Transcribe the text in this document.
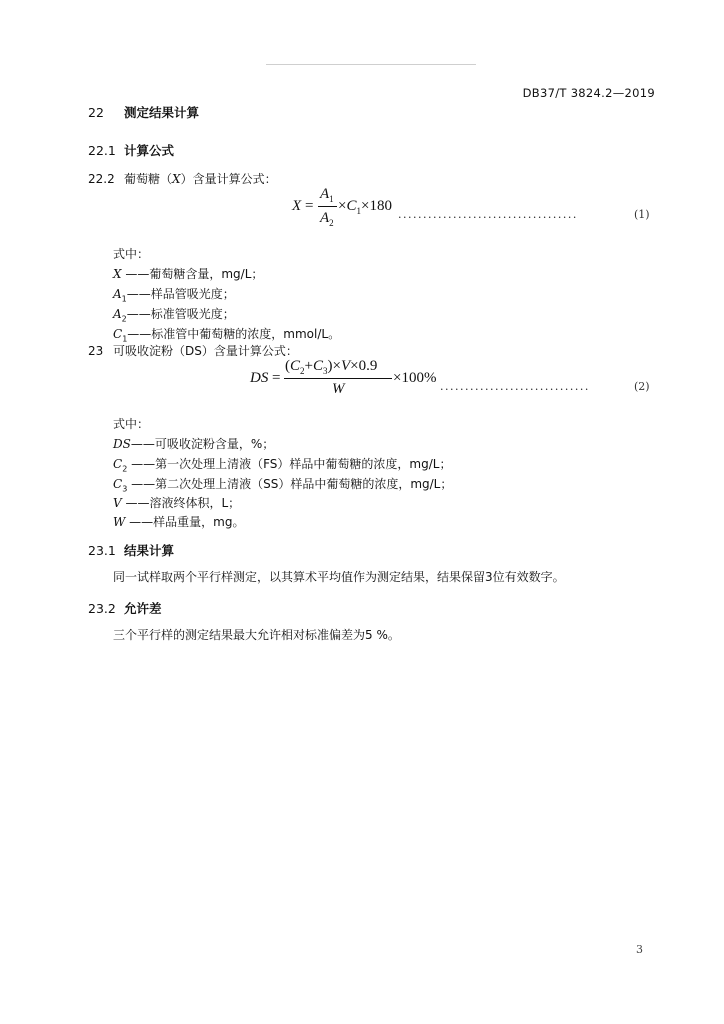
DB37/T 3824.2—2019
22 测定结果计算
22.1 计算公式
22.2 葡萄糖（X）含量计算公式：
X =
$A_1$
$A_2$
$\times C_1\times 180$
....................................	(1)
式中：
X ——葡萄糖含量，mg/L；
$A_1——$样品管吸光度；
$A_2——$标准管吸光度；
$C_1——$标准管中葡萄糖的浓度，mmol/L。
23 可吸收淀粉（DS）含量计算公式：
DS =
$(C_2+C_3)\times V\times 0.9$
W
×100%
..............................	(2)
式中：
DS——可吸收淀粉含量，%；
$C_2$ ——第一次处理上清液（FS）样品中葡萄糖的浓度，mg/L；
$C_3$ ——第二次处理上清液（SS）样品中葡萄糖的浓度，mg/L；
V ——溶液终体积，L；
W ——样品重量，mg。
23.1 结果计算
同一试样取两个平行样测定，以其算术平均值作为测定结果，结果保留3位有效数字。
23.2 允许差
三个平行样的测定结果最大允许相对标准偏差为5 %。
3
